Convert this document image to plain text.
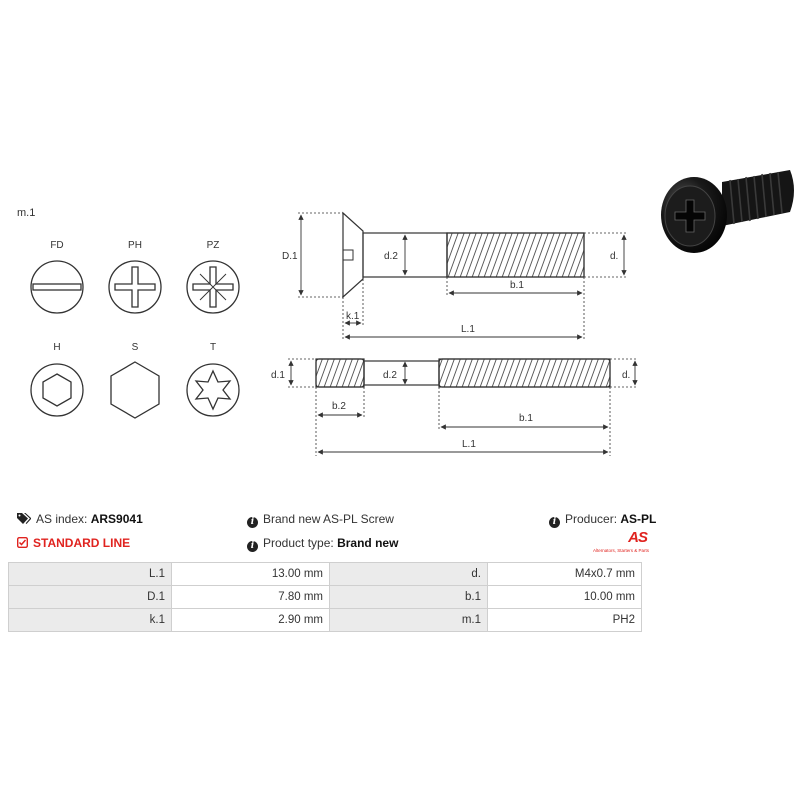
m.1
FD	PH	PZ
H	S	T
D.1	d.2	d.
b.1
k.1
L.1
d.1	d.2	d.
b.2
b.1
L.1
AS index: ARS9041
STANDARD LINE
i Brand new AS-PL Screw
i Product type: Brand new
i Producer: AS-PL
AS
Alternators, Starters & Parts
L.1	13.00 mm	d.	M4x0.7 mm
D.1	7.80 mm	b.1	10.00 mm
k.1	2.90 mm	m.1	PH2
